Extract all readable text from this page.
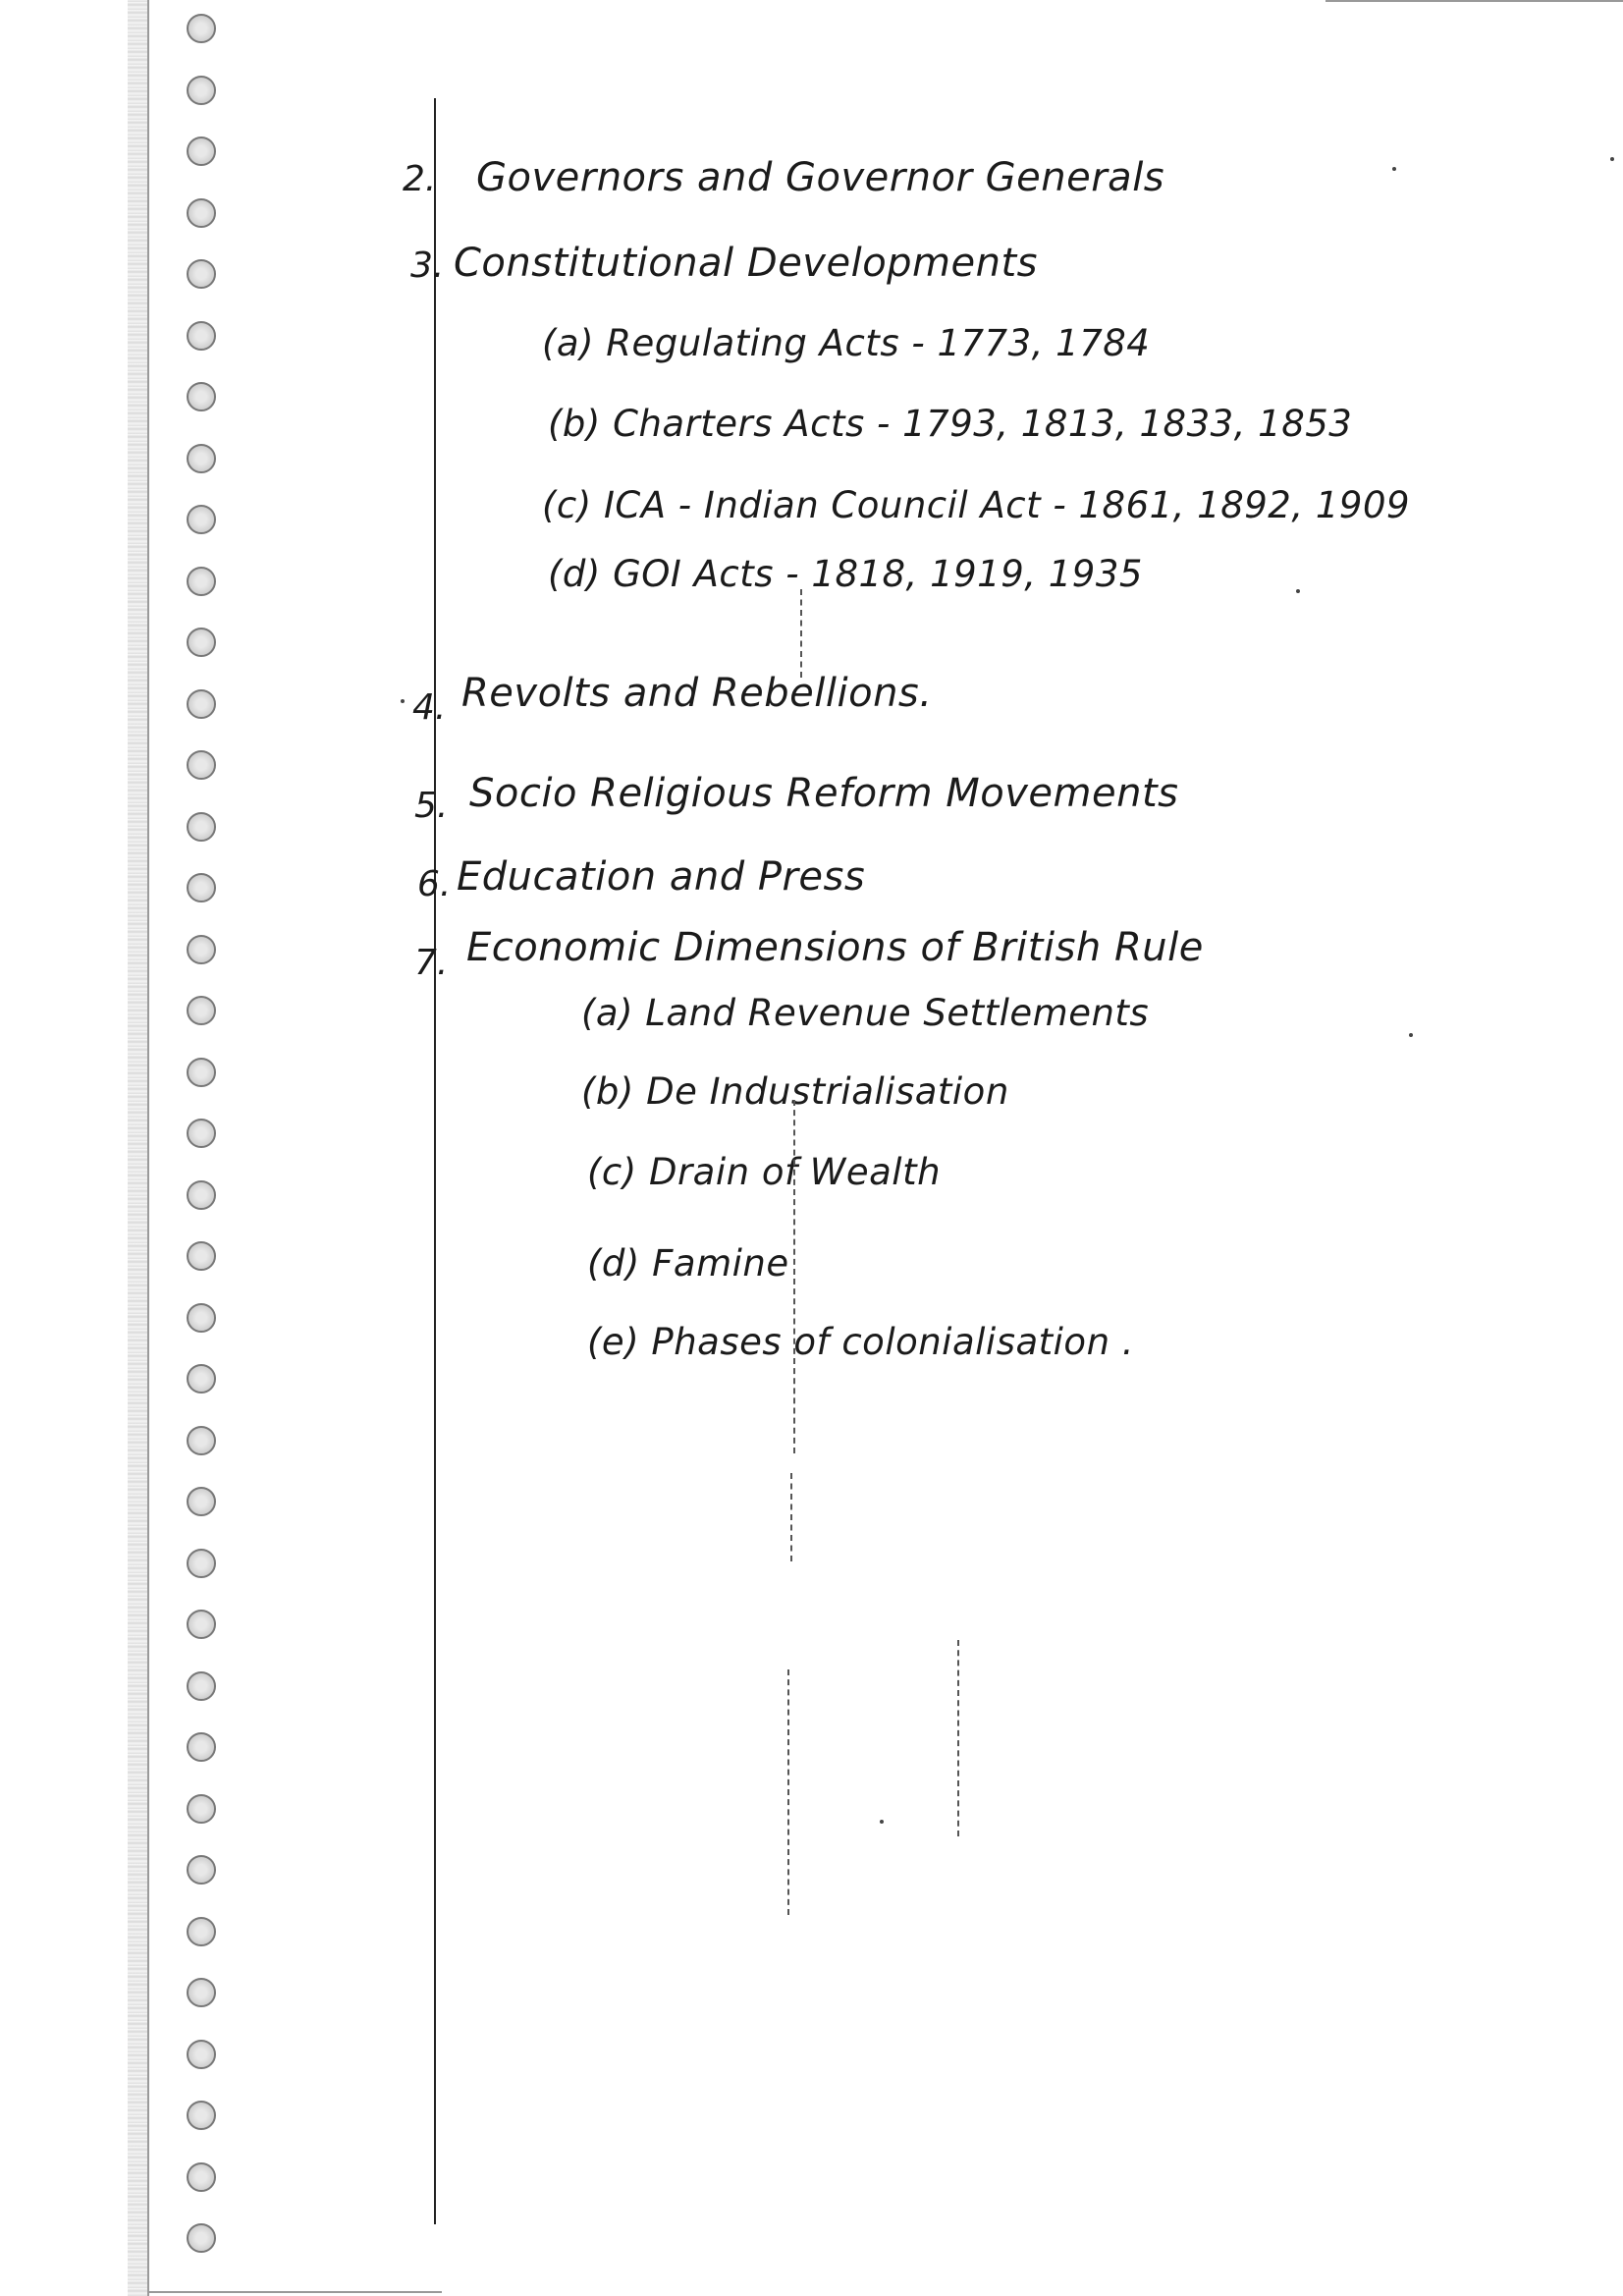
2. Governors and Governor Generals
3. Constitutional Developments
(a) Regulating Acts - 1773, 1784
(b) Charters Acts - 1793, 1813, 1833, 1853
(c) ICA - Indian Council Act - 1861, 1892, 1909
(d) GOI Acts - 1818, 1919, 1935
4. Revolts and Rebellions.
5. Socio Religious Reform Movements
6. Education and Press
7. Economic Dimensions of British Rule
(a) Land Revenue Settlements
(b) De Industrialisation
(c) Drain of Wealth
(d) Famine
(e) Phases of colonialisation .
